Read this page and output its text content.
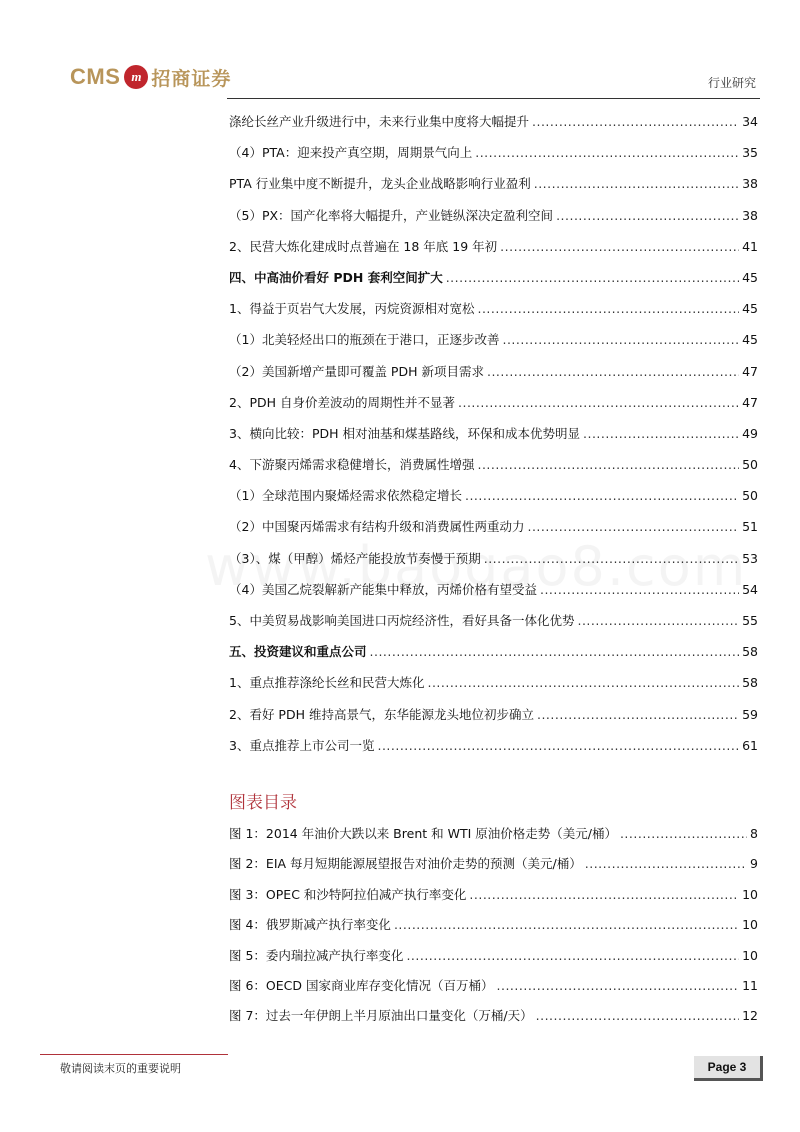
CMS m 招商证券	行业研究
涤纶长丝产业升级进行中，未来行业集中度将大幅提升 .....	34
（4）PTA：迎来投产真空期，周期景气向上 .....	35
PTA 行业集中度不断提升，龙头企业战略影响行业盈利 .....	38
（5）PX：国产化率将大幅提升，产业链纵深决定盈利空间 .....	38
2、民营大炼化建成时点普遍在 18 年底 19 年初 .....	41
四、中高油价看好 PDH 套利空间扩大 .....	45
1、得益于页岩气大发展，丙烷资源相对宽松 .....	45
（1）北美轻烃出口的瓶颈在于港口，正逐步改善 .....	45
（2）美国新增产量即可覆盖 PDH 新项目需求 .....	47
2、PDH 自身价差波动的周期性并不显著 .....	47
3、横向比较：PDH 相对油基和煤基路线，环保和成本优势明显 .....	49
4、下游聚丙烯需求稳健增长，消费属性增强 .....	50
（1）全球范围内聚烯烃需求依然稳定增长 .....	50
（2）中国聚丙烯需求有结构升级和消费属性两重动力 .....	51
（3）、煤（甲醇）烯烃产能投放节奏慢于预期 .....	53
（4）美国乙烷裂解新产能集中释放，丙烯价格有望受益 .....	54
5、中美贸易战影响美国进口丙烷经济性，看好具备一体化优势 .....	55
五、投资建议和重点公司 .....	58
1、重点推荐涤纶长丝和民营大炼化 .....	58
2、看好 PDH 维持高景气，东华能源龙头地位初步确立 .....	59
3、重点推荐上市公司一览 .....	61
图表目录
图 1：2014 年油价大跌以来 Brent 和 WTI 原油价格走势（美元/桶） .....	8
图 2：EIA 每月短期能源展望报告对油价走势的预测（美元/桶） .....	9
图 3：OPEC 和沙特阿拉伯减产执行率变化 .....	10
图 4：俄罗斯减产执行率变化 .....	10
图 5：委内瑞拉减产执行率变化 .....	10
图 6：OECD 国家商业库存变化情况（百万桶） .....	11
图 7：过去一年伊朗上半月原油出口量变化（万桶/天） .....	12
敬请阅读末页的重要说明	Page 3
